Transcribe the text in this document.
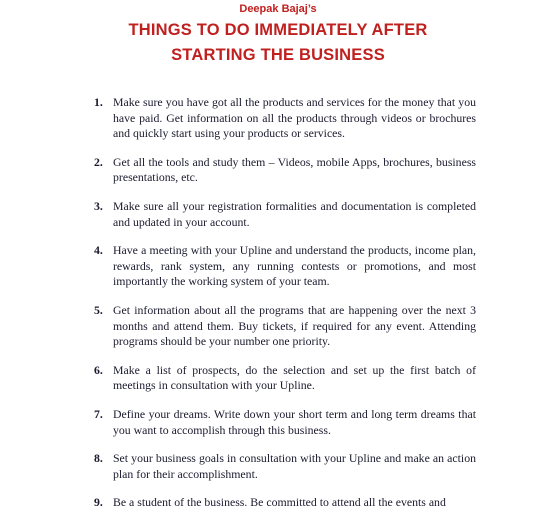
Deepak Bajaj’s

THINGS TO DO IMMEDIATELY AFTER
STARTING THE BUSINESS
1. Make sure you have got all the products and services for the money that you have paid. Get information on all the products through videos or brochures and quickly start using your products or services.
2. Get all the tools and study them – Videos, mobile Apps, brochures, business presentations, etc.
3. Make sure all your registration formalities and documentation is completed and updated in your account.
4. Have a meeting with your Upline and understand the products, income plan, rewards, rank system, any running contests or promotions, and most importantly the working system of your team.
5. Get information about all the programs that are happening over the next 3 months and attend them. Buy tickets, if required for any event. Attending programs should be your number one priority.
6. Make a list of prospects, do the selection and set up the first batch of meetings in consultation with your Upline.
7. Define your dreams. Write down your short term and long term dreams that you want to accomplish through this business.
8. Set your business goals in consultation with your Upline and make an action plan for their accomplishment.
9. Be a student of the business. Be committed to attend all the events and
